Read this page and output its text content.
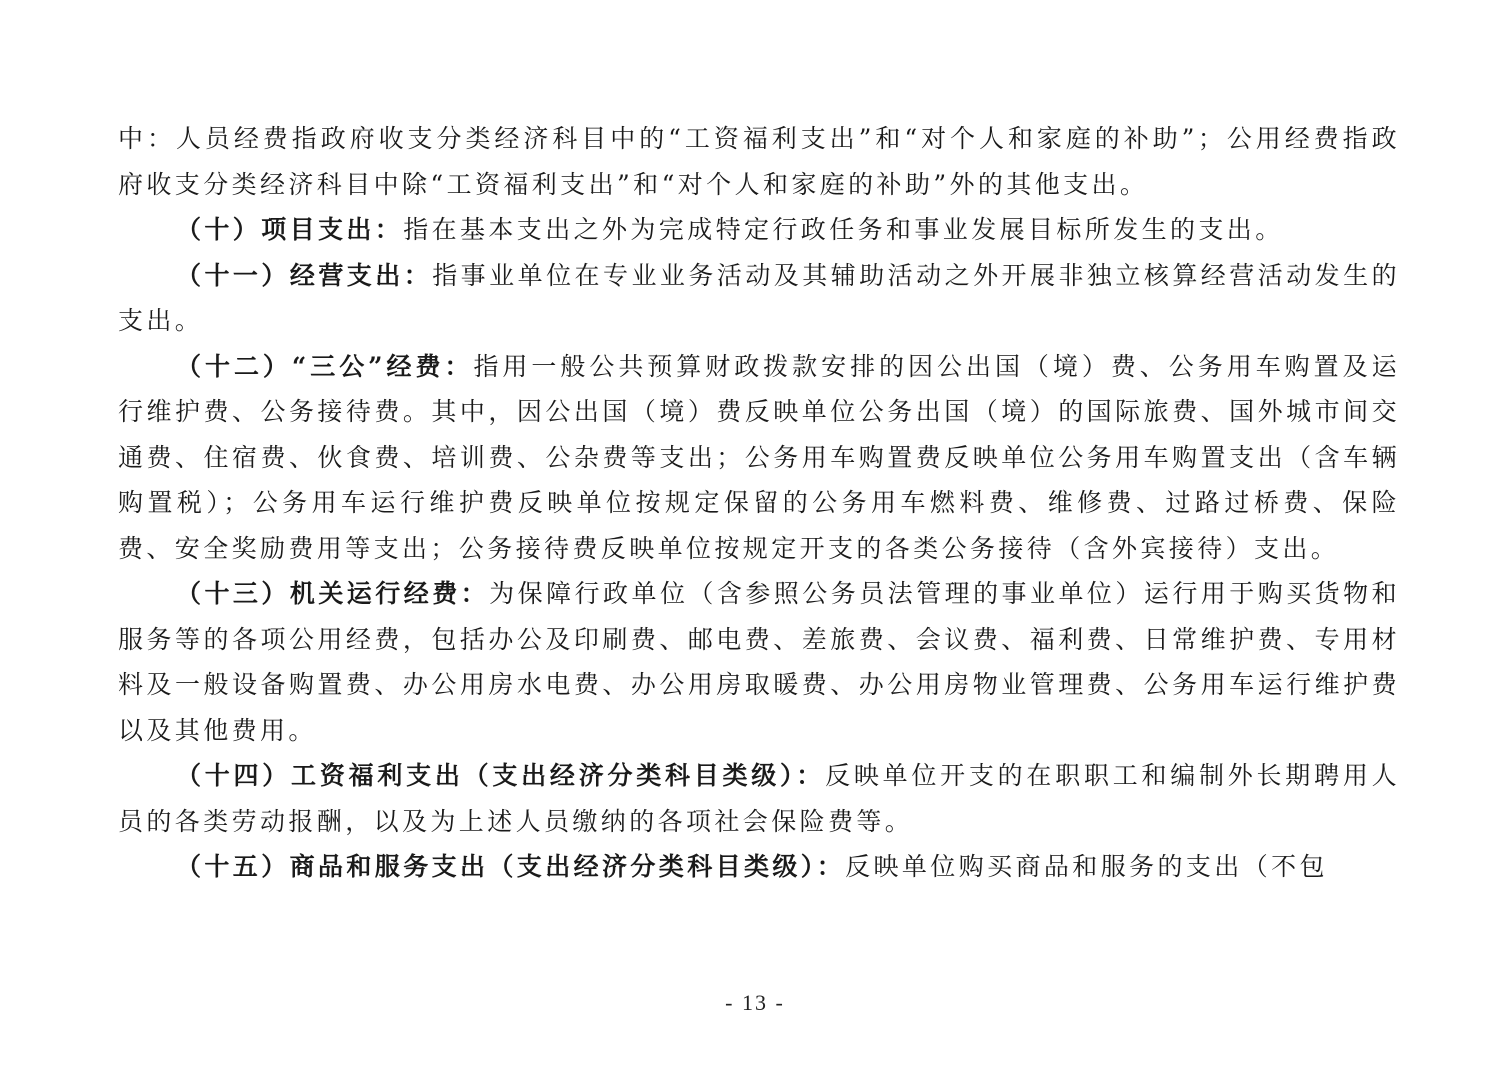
中：人员经费指政府收支分类经济科目中的“工资福利支出”和“对个人和家庭的补助”；公用经费指政府收支分类经济科目中除“工资福利支出”和“对个人和家庭的补助”外的其他支出。

（十）项目支出：指在基本支出之外为完成特定行政任务和事业发展目标所发生的支出。

（十一）经营支出：指事业单位在专业业务活动及其辅助活动之外开展非独立核算经营活动发生的支出。

（十二）“三公”经费：指用一般公共预算财政拨款安排的因公出国（境）费、公务用车购置及运行维护费、公务接待费。其中，因公出国（境）费反映单位公务出国（境）的国际旅费、国外城市间交通费、住宿费、伙食费、培训费、公杂费等支出；公务用车购置费反映单位公务用车购置支出（含车辆购置税）；公务用车运行维护费反映单位按规定保留的公务用车燃料费、维修费、过路过桥费、保险费、安全奖励费用等支出；公务接待费反映单位按规定开支的各类公务接待（含外宾接待）支出。

（十三）机关运行经费：为保障行政单位（含参照公务员法管理的事业单位）运行用于购买货物和服务等的各项公用经费，包括办公及印刷费、邮电费、差旅费、会议费、福利费、日常维护费、专用材料及一般设备购置费、办公用房水电费、办公用房取暖费、办公用房物业管理费、公务用车运行维护费以及其他费用。

（十四）工资福利支出（支出经济分类科目类级）：反映单位开支的在职职工和编制外长期聘用人员的各类劳动报酬，以及为上述人员缴纳的各项社会保险费等。

（十五）商品和服务支出（支出经济分类科目类级）：反映单位购买商品和服务的支出（不包

- 13 -
